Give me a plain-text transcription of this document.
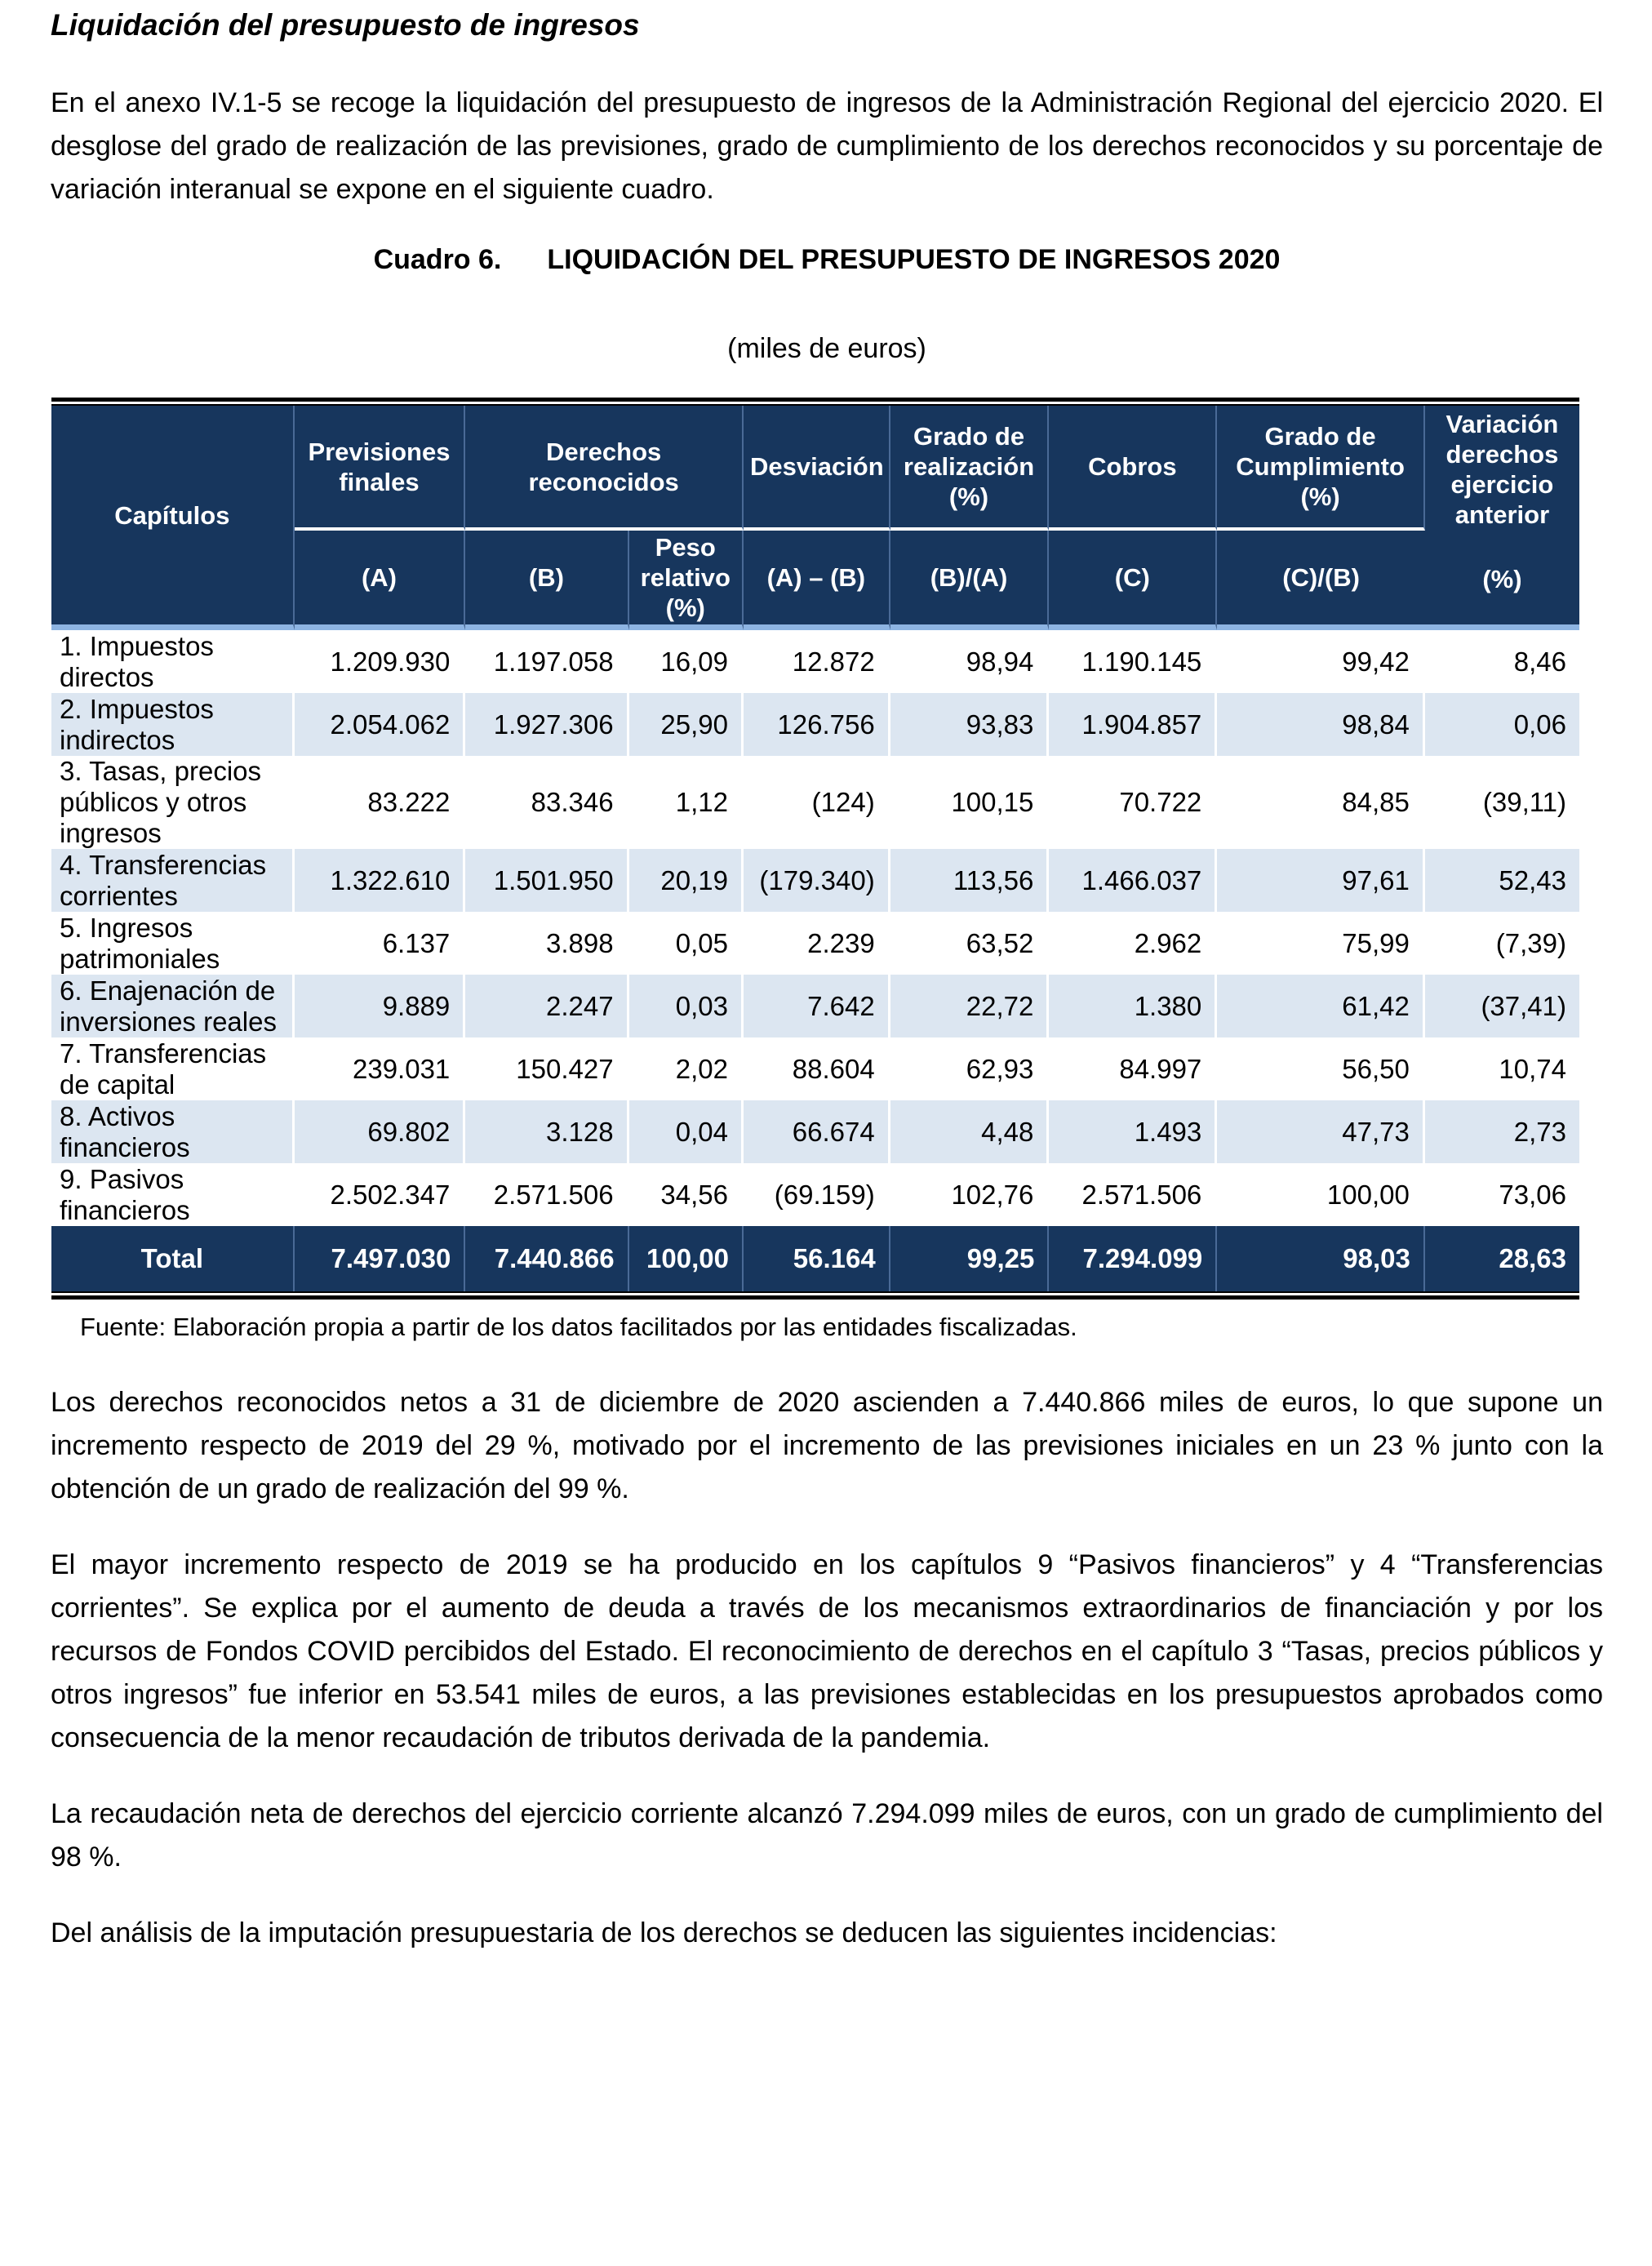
Liquidación del presupuesto de ingresos

En el anexo IV.1-5 se recoge la liquidación del presupuesto de ingresos de la Administración Regional del ejercicio 2020. El desglose del grado de realización de las previsiones, grado de cumplimiento de los derechos reconocidos y su porcentaje de variación interanual se expone en el siguiente cuadro.

Cuadro 6. LIQUIDACIÓN DEL PRESUPUESTO DE INGRESOS 2020
(miles de euros)
Capítulos	Previsiones finales	Derechos reconocidos		Desviación	Grado de realización (%)	Cobros	Grado de Cumplimiento (%)	Variación derechos ejercicio anterior
(%)

	(A)	(B)	Peso relativo (%)	(A) – (B)	(B)/(A)	(C)	(C)/(B)	
1. Impuestos directos	1.209.930	1.197.058	16,09	12.872	98,94	1.190.145	99,42	8,46
2. Impuestos indirectos	2.054.062	1.927.306	25,90	126.756	93,83	1.904.857	98,84	0,06
3. Tasas, precios públicos y otros ingresos	83.222	83.346	1,12	(124)	100,15	70.722	84,85	(39,11)
4. Transferencias corrientes	1.322.610	1.501.950	20,19	(179.340)	113,56	1.466.037	97,61	52,43
5. Ingresos patrimoniales	6.137	3.898	0,05	2.239	63,52	2.962	75,99	(7,39)
6. Enajenación de inversiones reales	9.889	2.247	0,03	7.642	22,72	1.380	61,42	(37,41)
7. Transferencias de capital	239.031	150.427	2,02	88.604	62,93	84.997	56,50	10,74
8. Activos financieros	69.802	3.128	0,04	66.674	4,48	1.493	47,73	2,73
9. Pasivos financieros	2.502.347	2.571.506	34,56	(69.159)	102,76	2.571.506	100,00	73,06
Total	7.497.030	7.440.866	100,00	56.164	99,25	7.294.099	98,03	28,63

Fuente: Elaboración propia a partir de los datos facilitados por las entidades fiscalizadas.

Los derechos reconocidos netos a 31 de diciembre de 2020 ascienden a 7.440.866 miles de euros, lo que supone un incremento respecto de 2019 del 29 %, motivado por el incremento de las previsiones iniciales en un 23 % junto con la obtención de un grado de realización del 99 %.

El mayor incremento respecto de 2019 se ha producido en los capítulos 9 “Pasivos financieros” y 4 “Transferencias corrientes”. Se explica por el aumento de deuda a través de los mecanismos extraordinarios de financiación y por los recursos de Fondos COVID percibidos del Estado. El reconocimiento de derechos en el capítulo 3 “Tasas, precios públicos y otros ingresos” fue inferior en 53.541 miles de euros, a las previsiones establecidas en los presupuestos aprobados como consecuencia de la menor recaudación de tributos derivada de la pandemia.

La recaudación neta de derechos del ejercicio corriente alcanzó 7.294.099 miles de euros, con un grado de cumplimiento del 98 %.

Del análisis de la imputación presupuestaria de los derechos se deducen las siguientes incidencias:
